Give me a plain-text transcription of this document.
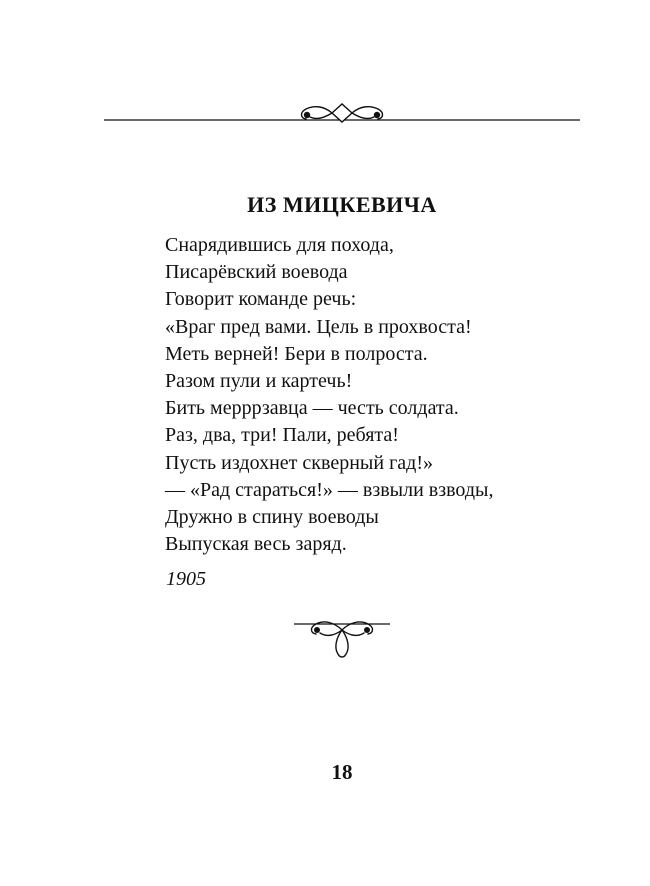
ИЗ МИЦКЕВИЧА
Снарядившись для похода,
Писарёвский воевода
Говорит команде речь:
«Враг пред вами. Цель в прохвоста!
Меть верней! Бери в полроста.
Разом пули и картечь!
Бить мерррзавца — честь солдата.
Раз, два, три! Пали, ребята!
Пусть издохнет скверный гад!»
— «Рад стараться!» — взвыли взводы,
Дружно в спину воеводы
Выпуская весь заряд.
1905
18
